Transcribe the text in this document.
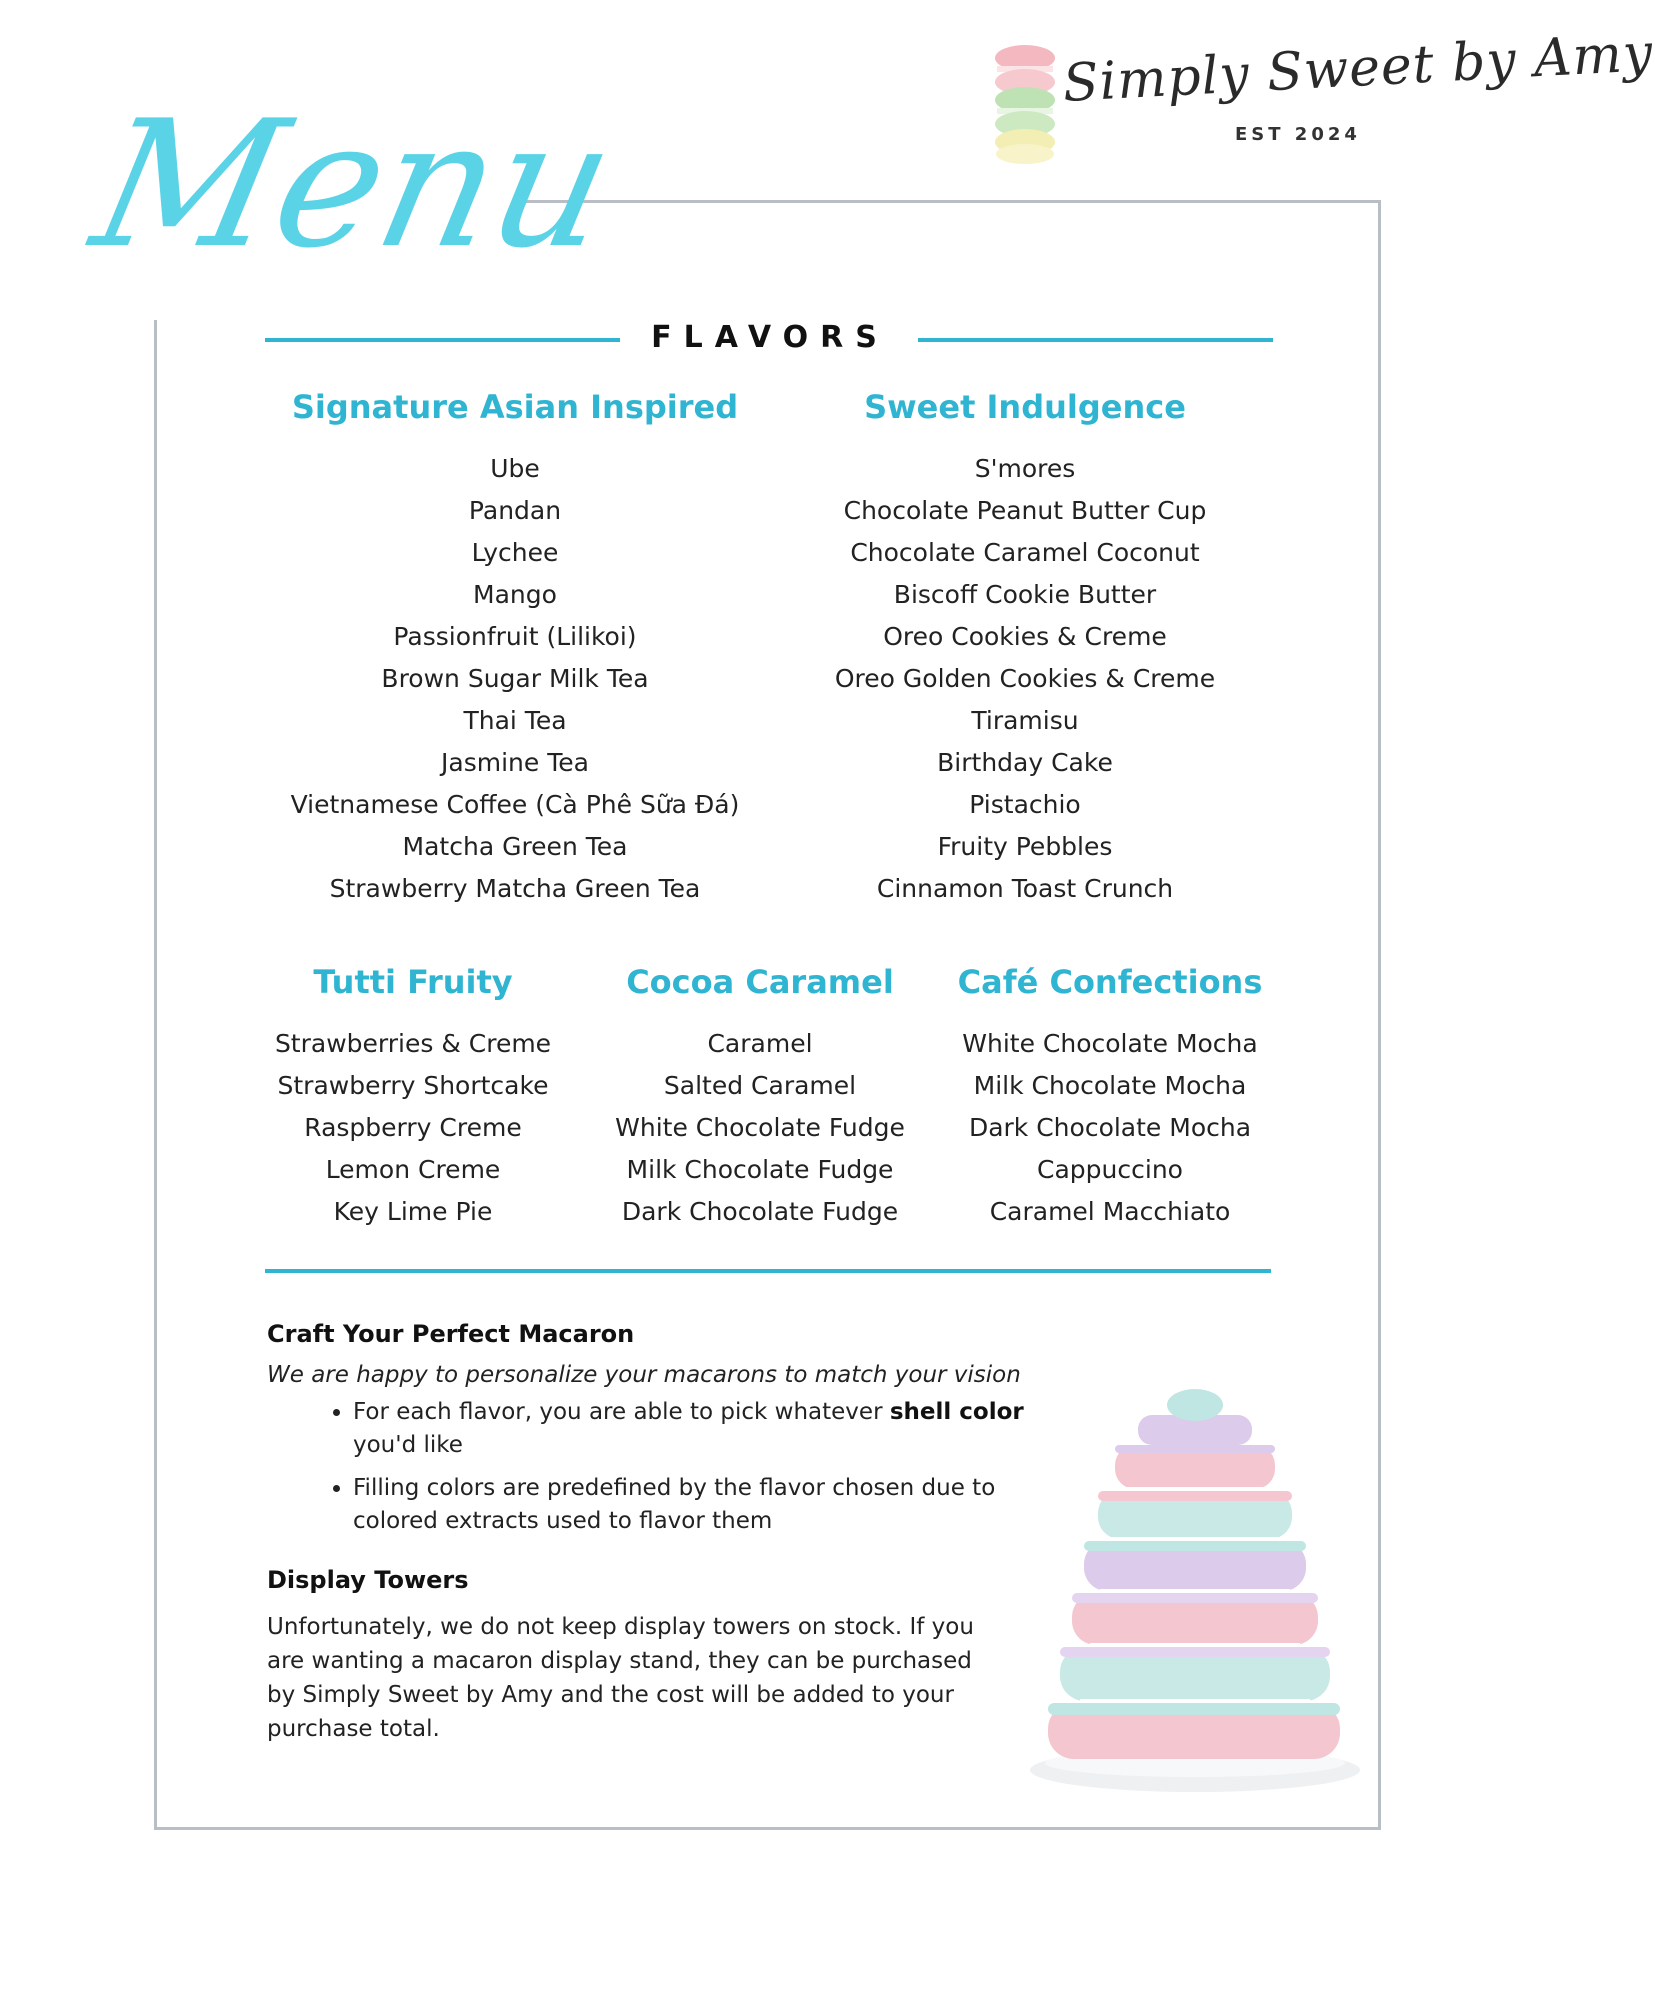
Menu
Simply Sweet by Amy
EST 2024
FLAVORS
Signature Asian Inspired
Ube
Pandan
Lychee
Mango
Passionfruit (Lilikoi)
Brown Sugar Milk Tea
Thai Tea
Jasmine Tea
Vietnamese Coffee (Cà Phê Sữa Đá)
Matcha Green Tea
Strawberry Matcha Green Tea
Sweet Indulgence
S'mores
Chocolate Peanut Butter Cup
Chocolate Caramel Coconut
Biscoff Cookie Butter
Oreo Cookies & Creme
Oreo Golden Cookies & Creme
Tiramisu
Birthday Cake
Pistachio
Fruity Pebbles
Cinnamon Toast Crunch
Tutti Fruity
Strawberries & Creme
Strawberry Shortcake
Raspberry Creme
Lemon Creme
Key Lime Pie
Cocoa Caramel
Caramel
Salted Caramel
White Chocolate Fudge
Milk Chocolate Fudge
Dark Chocolate Fudge
Café Confections
White Chocolate Mocha
Milk Chocolate Mocha
Dark Chocolate Mocha
Cappuccino
Caramel Macchiato
Craft Your Perfect Macaron

We are happy to personalize your macarons to match your vision

• For each flavor, you are able to pick whatever shell color you'd like
• Filling colors are predefined by the flavor chosen due to colored extracts used to flavor them
Display Towers

Unfortunately, we do not keep display towers on stock. If you are wanting a macaron display stand, they can be purchased by Simply Sweet by Amy and the cost will be added to your purchase total.
